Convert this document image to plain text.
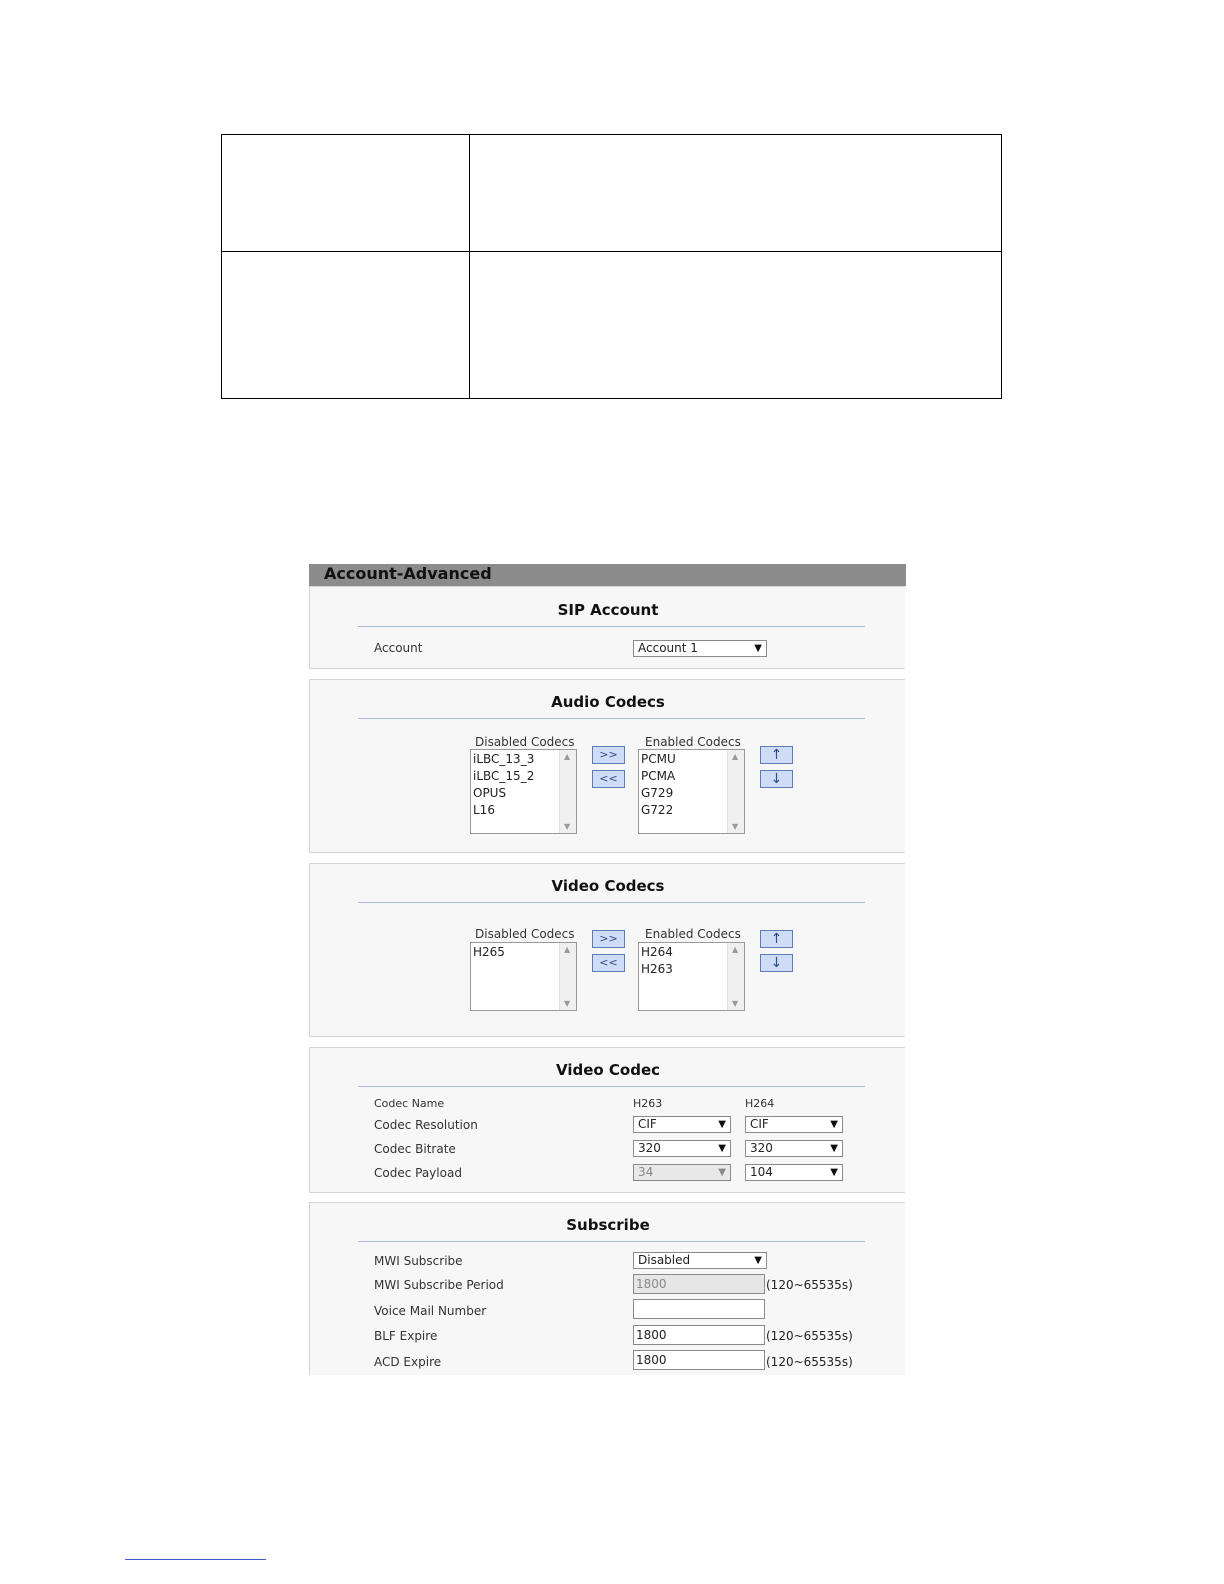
Account-Advanced
SIP Account
Account	Account 1	▼
Audio Codecs
Disabled Codecs	Enabled Codecs
iLBC_13_3
iLBC_15_2
OPUS
L16
▲
▼
>>
<<
PCMU
PCMA
G729
G722
▲
▼
↑
↓
Video Codecs
Disabled Codecs	Enabled Codecs
H265	▲
▼
>>
<<
H264
H263
▲
▼
↑
↓
Video Codec
Codec Name	H263	H264
Codec Resolution	CIF	▼	CIF	▼
Codec Bitrate	320	▼	320	▼
Codec Payload	34	▼	104	▼
Subscribe
MWI Subscribe	Disabled	▼
MWI Subscribe Period	1800	(120~65535s)
Voice Mail Number
BLF Expire	1800	(120~65535s)
ACD Expire	1800	(120~65535s)
